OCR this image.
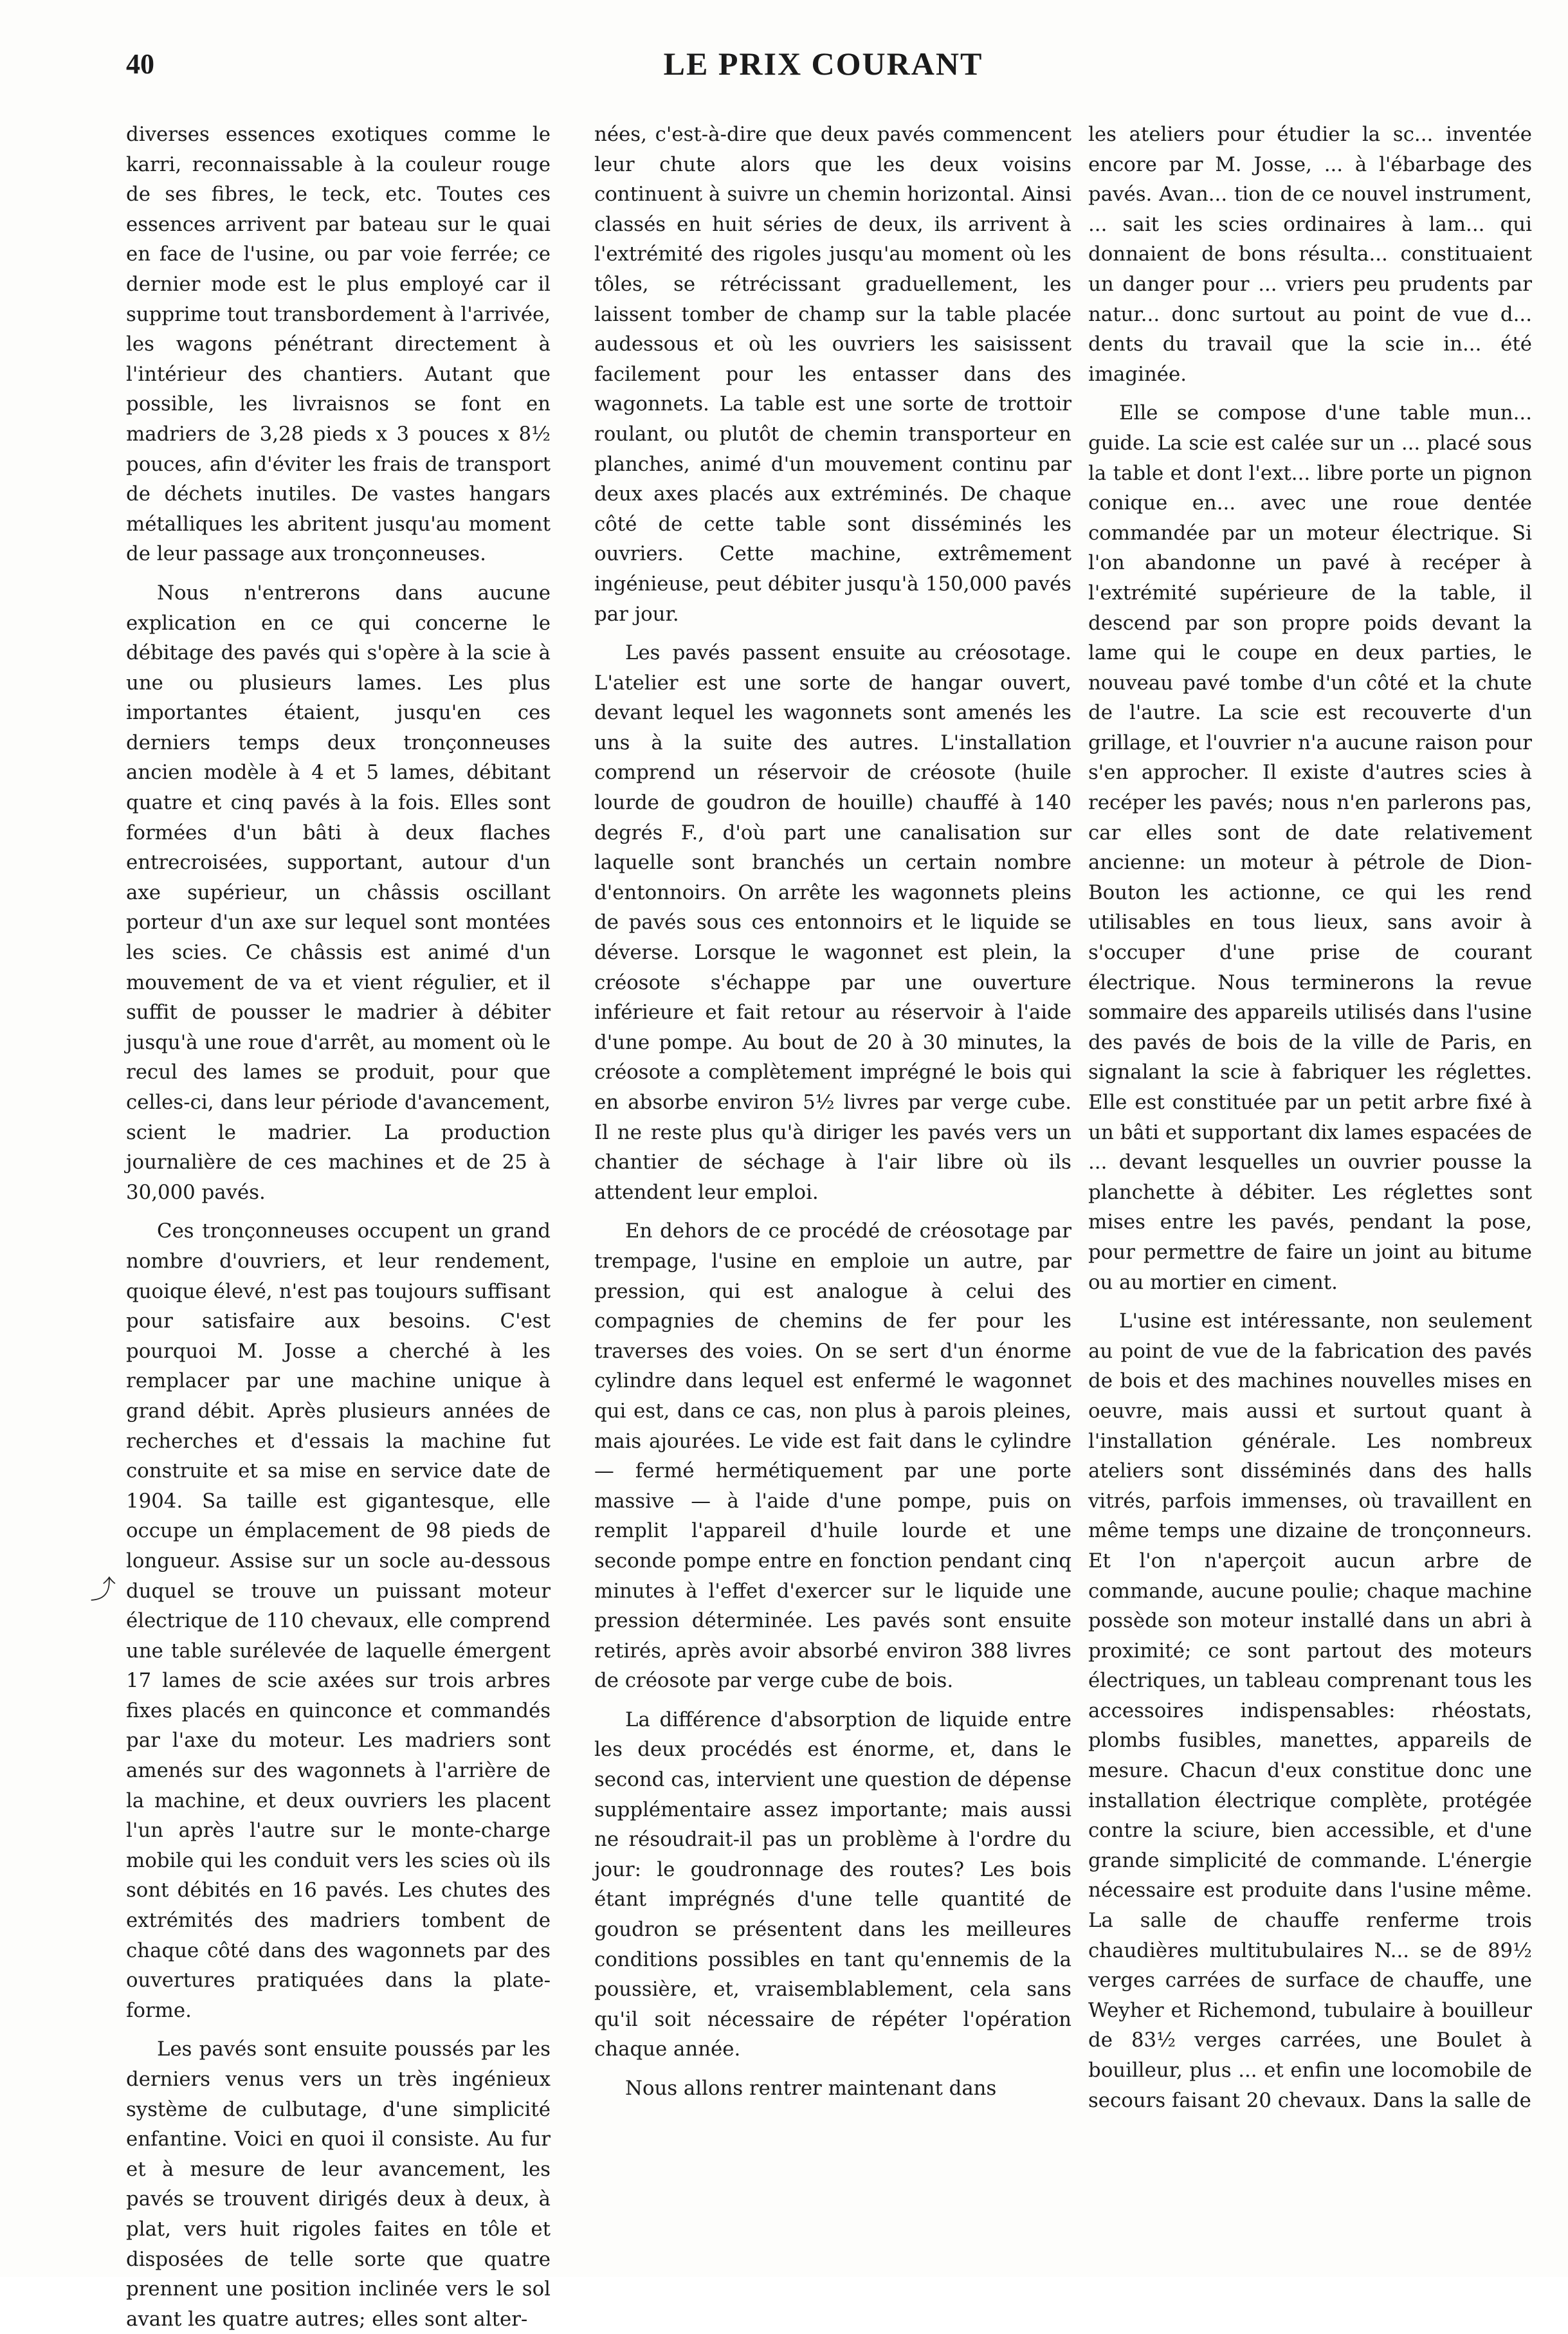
40	LE PRIX COURANT

diverses essences exotiques comme le karri, reconnaissable à la couleur rouge de ses fibres, le teck, etc. Toutes ces essences arrivent par bateau sur le quai en face de l'usine, ou par voie ferrée; ce dernier mode est le plus employé car il supprime tout transbordement à l'arrivée, les wagons pénétrant directement à l'intérieur des chantiers. Autant que possible, les livraisnos se font en madriers de 3,28 pieds x 3 pouces x 8½ pouces, afin d'éviter les frais de transport de déchets inutiles. De vastes hangars métalliques les abritent jusqu'au moment de leur passage aux tronçonneuses.

Nous n'entrerons dans aucune explication en ce qui concerne le débitage des pavés qui s'opère à la scie à une ou plusieurs lames. Les plus importantes étaient, jusqu'en ces derniers temps deux tronçonneuses ancien modèle à 4 et 5 lames, débitant quatre et cinq pavés à la fois. Elles sont formées d'un bâti à deux flaches entrecroisées, supportant, autour d'un axe supérieur, un châssis oscillant porteur d'un axe sur lequel sont montées les scies. Ce châssis est animé d'un mouvement de va et vient régulier, et il suffit de pousser le madrier à débiter jusqu'à une roue d'arrêt, au moment où le recul des lames se produit, pour que celles-ci, dans leur période d'avancement, scient le madrier. La production journalière de ces machines et de 25 à 30,000 pavés.

Ces tronçonneuses occupent un grand nombre d'ouvriers, et leur rendement, quoique élevé, n'est pas toujours suffisant pour satisfaire aux besoins. C'est pourquoi M. Josse a cherché à les remplacer par une machine unique à grand débit. Après plusieurs années de recherches et d'essais la machine fut construite et sa mise en service date de 1904. Sa taille est gigantesque, elle occupe un émplacement de 98 pieds de longueur. Assise sur un socle au-dessous duquel se trouve un puissant moteur électrique de 110 chevaux, elle comprend une table surélevée de laquelle émergent 17 lames de scie axées sur trois arbres fixes placés en quinconce et commandés par l'axe du moteur. Les madriers sont amenés sur des wagonnets à l'arrière de la machine, et deux ouvriers les placent l'un après l'autre sur le monte-charge mobile qui les conduit vers les scies où ils sont débités en 16 pavés. Les chutes des extrémités des madriers tombent de chaque côté dans des wagonnets par des ouvertures pratiquées dans la plate-forme.

Les pavés sont ensuite poussés par les derniers venus vers un très ingénieux système de culbutage, d'une simplicité enfantine. Voici en quoi il consiste. Au fur et à mesure de leur avancement, les pavés se trouvent dirigés deux à deux, à plat, vers huit rigoles faites en tôle et disposées de telle sorte que quatre prennent une position inclinée vers le sol avant les quatre autres; elles sont alter-

nées, c'est-à-dire que deux pavés commencent leur chute alors que les deux voisins continuent à suivre un chemin horizontal. Ainsi classés en huit séries de deux, ils arrivent à l'extrémité des rigoles jusqu'au moment où les tôles, se rétrécissant graduellement, les laissent tomber de champ sur la table placée audessous et où les ouvriers les saisissent facilement pour les entasser dans des wagonnets. La table est une sorte de trottoir roulant, ou plutôt de chemin transporteur en planches, animé d'un mouvement continu par deux axes placés aux extréminés. De chaque côté de cette table sont disséminés les ouvriers. Cette machine, extrêmement ingénieuse, peut débiter jusqu'à 150,000 pavés par jour.

Les pavés passent ensuite au créosotage. L'atelier est une sorte de hangar ouvert, devant lequel les wagonnets sont amenés les uns à la suite des autres. L'installation comprend un réservoir de créosote (huile lourde de goudron de houille) chauffé à 140 degrés F., d'où part une canalisation sur laquelle sont branchés un certain nombre d'entonnoirs. On arrête les wagonnets pleins de pavés sous ces entonnoirs et le liquide se déverse. Lorsque le wagonnet est plein, la créosote s'échappe par une ouverture inférieure et fait retour au réservoir à l'aide d'une pompe. Au bout de 20 à 30 minutes, la créosote a complètement imprégné le bois qui en absorbe environ 5½ livres par verge cube. Il ne reste plus qu'à diriger les pavés vers un chantier de séchage à l'air libre où ils attendent leur emploi.

En dehors de ce procédé de créosotage par trempage, l'usine en emploie un autre, par pression, qui est analogue à celui des compagnies de chemins de fer pour les traverses des voies. On se sert d'un énorme cylindre dans lequel est enfermé le wagonnet qui est, dans ce cas, non plus à parois pleines, mais ajourées. Le vide est fait dans le cylindre — fermé hermétiquement par une porte massive — à l'aide d'une pompe, puis on remplit l'appareil d'huile lourde et une seconde pompe entre en fonction pendant cinq minutes à l'effet d'exercer sur le liquide une pression déterminée. Les pavés sont ensuite retirés, après avoir absorbé environ 388 livres de créosote par verge cube de bois.

La différence d'absorption de liquide entre les deux procédés est énorme, et, dans le second cas, intervient une question de dépense supplémentaire assez importante; mais aussi ne résoudrait-il pas un problème à l'ordre du jour: le goudronnage des routes? Les bois étant imprégnés d'une telle quantité de goudron se présentent dans les meilleures conditions possibles en tant qu'ennemis de la poussière, et, vraisemblablement, cela sans qu'il soit nécessaire de répéter l'opération chaque année.

Nous allons rentrer maintenant dans

les ateliers pour étudier la sc... inventée encore par M. Josse, ... à l'ébarbage des pavés. Avan... tion de ce nouvel instrument, ... sait les scies ordinaires à lam... qui donnaient de bons résulta... constituaient un danger pour ... vriers peu prudents par natur... donc surtout au point de vue d... dents du travail que la scie in... été imaginée.

Elle se compose d'une table mun... guide. La scie est calée sur un ... placé sous la table et dont l'ext... libre porte un pignon conique en... avec une roue dentée commandée par un moteur électrique. Si l'on abandonne un pavé à recéper à l'extrémité supérieure de la table, il descend par son propre poids devant la lame qui le coupe en deux parties, le nouveau pavé tombe d'un côté et la chute de l'autre. La scie est recouverte d'un grillage, et l'ouvrier n'a aucune raison pour s'en approcher. Il existe d'autres scies à recéper les pavés; nous n'en parlerons pas, car elles sont de date relativement ancienne: un moteur à pétrole de Dion-Bouton les actionne, ce qui les rend utilisables en tous lieux, sans avoir à s'occuper d'une prise de courant électrique. Nous terminerons la revue sommaire des appareils utilisés dans l'usine des pavés de bois de la ville de Paris, en signalant la scie à fabriquer les réglettes. Elle est constituée par un petit arbre fixé à un bâti et supportant dix lames espacées de ... devant lesquelles un ouvrier pousse la planchette à débiter. Les réglettes sont mises entre les pavés, pendant la pose, pour permettre de faire un joint au bitume ou au mortier en ciment.

L'usine est intéressante, non seulement au point de vue de la fabrication des pavés de bois et des machines nouvelles mises en oeuvre, mais aussi et surtout quant à l'installation générale. Les nombreux ateliers sont disséminés dans des halls vitrés, parfois immenses, où travaillent en même temps une dizaine de tronçonneurs. Et l'on n'aperçoit aucun arbre de commande, aucune poulie; chaque machine possède son moteur installé dans un abri à proximité; ce sont partout des moteurs électriques, un tableau comprenant tous les accessoires indispensables: rhéostats, plombs fusibles, manettes, appareils de mesure. Chacun d'eux constitue donc une installation électrique complète, protégée contre la sciure, bien accessible, et d'une grande simplicité de commande. L'énergie nécessaire est produite dans l'usine même. La salle de chauffe renferme trois chaudières multitubulaires N... se de 89½ verges carrées de surface de chauffe, une Weyher et Richemond, tubulaire à bouilleur de 83½ verges carrées, une Boulet à bouilleur, plus ... et enfin une locomobile de secours faisant 20 chevaux. Dans la salle de

⤴
